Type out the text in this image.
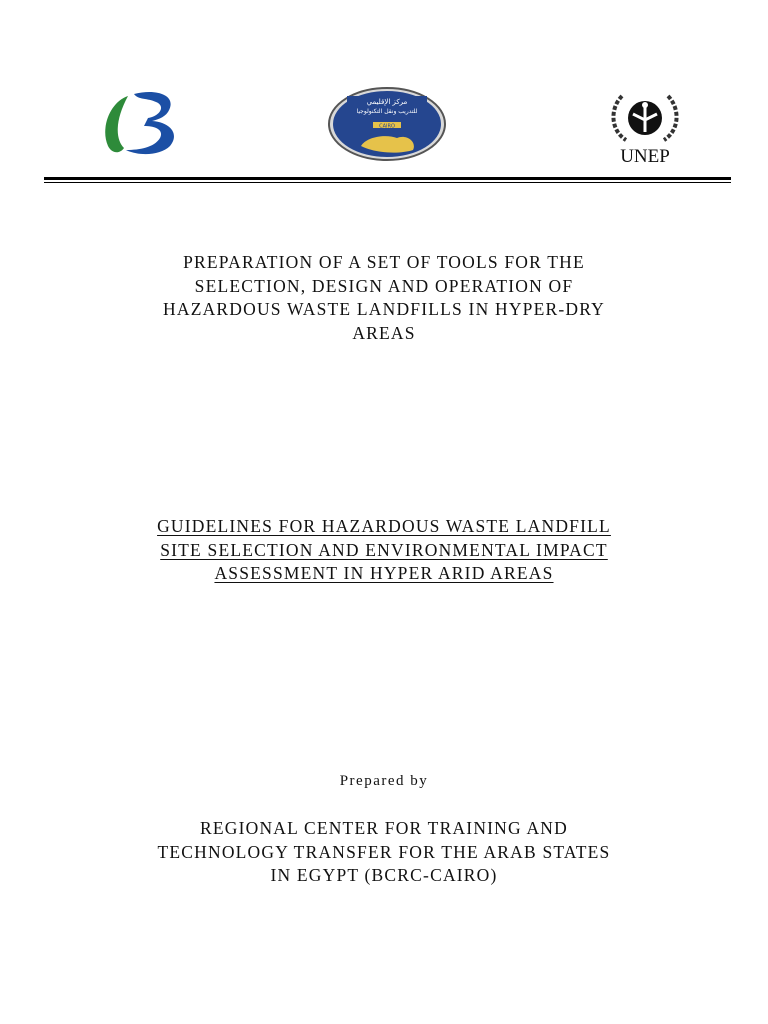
مركز الإقليمي
للتدريب ونقل التكنولوجيا
CAIRO
UNEP
PREPARATION OF A SET OF TOOLS FOR THE
SELECTION, DESIGN AND OPERATION OF
HAZARDOUS WASTE LANDFILLS IN HYPER-DRY
AREAS
GUIDELINES FOR HAZARDOUS WASTE LANDFILL
SITE SELECTION AND ENVIRONMENTAL IMPACT
ASSESSMENT IN HYPER ARID AREAS
Prepared by
REGIONAL CENTER FOR TRAINING AND
TECHNOLOGY TRANSFER FOR THE ARAB STATES
IN EGYPT (BCRC-CAIRO)
